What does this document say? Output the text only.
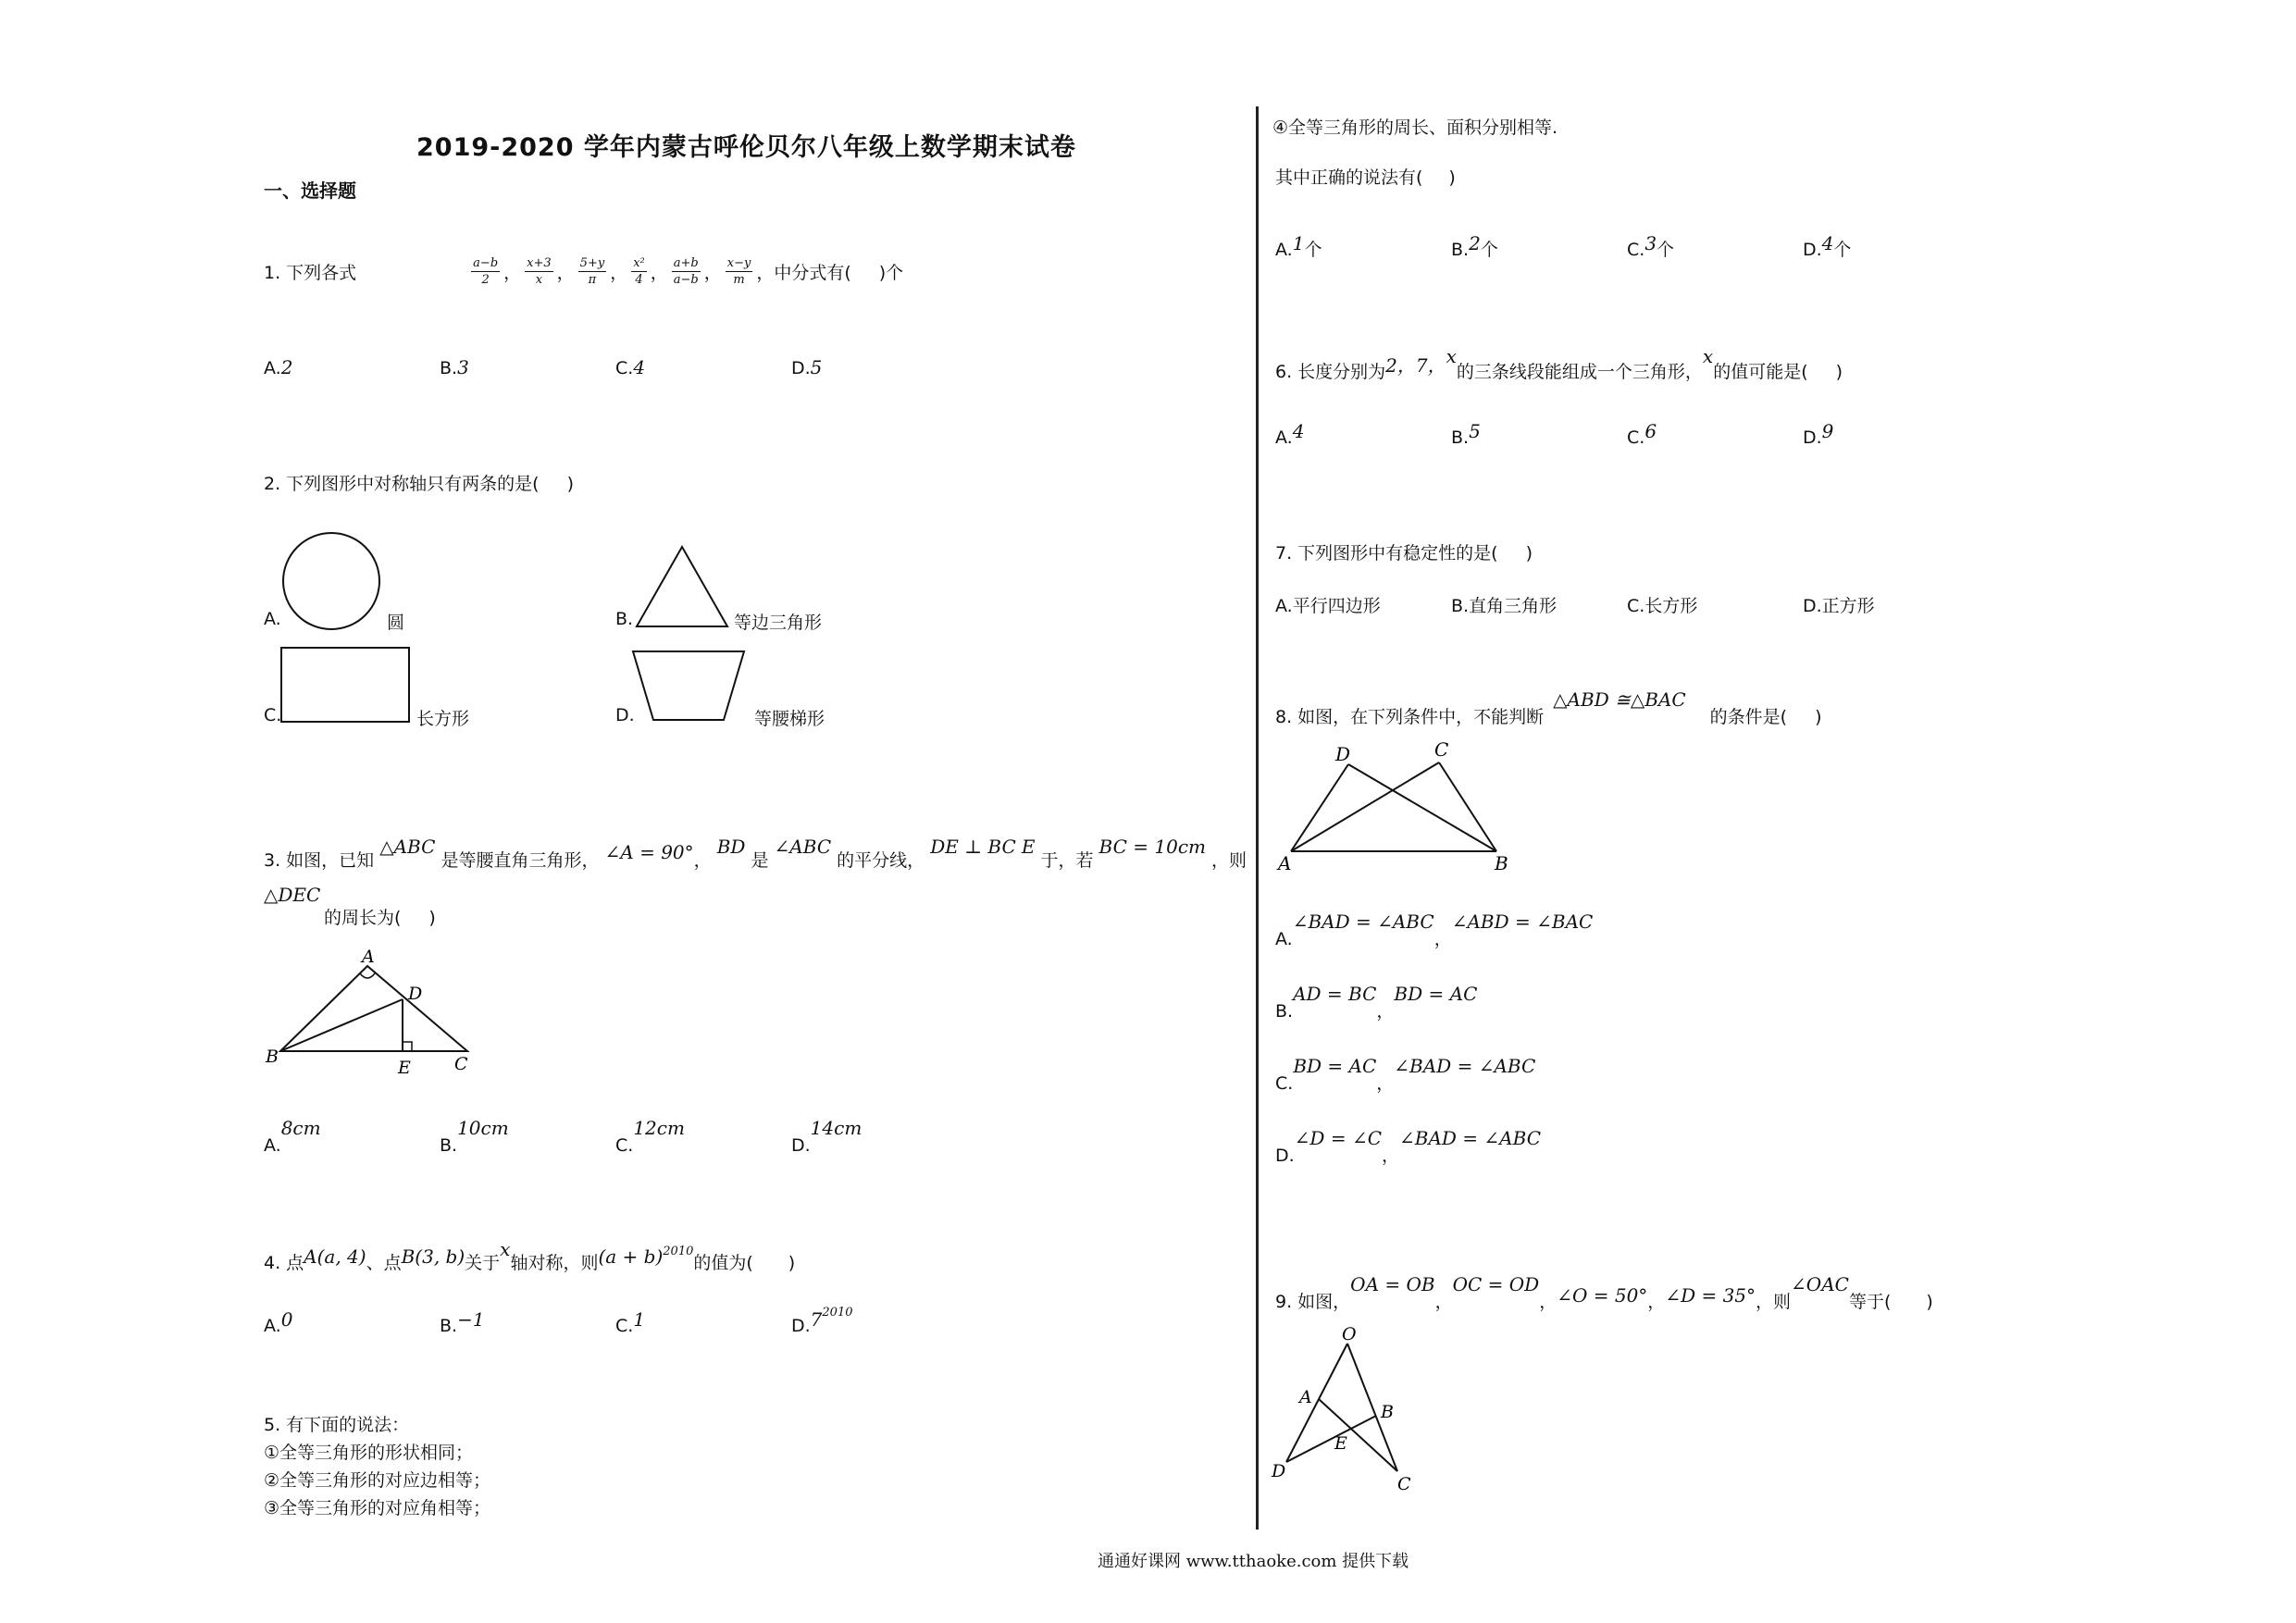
2019-2020 学年内蒙古呼伦贝尔八年级上数学期末试卷
一、选择题
1. 下列各式	$\frac{a-b}{2}$ ， $\frac{x+3}{x}$ ， $\frac{5+y}{\pi}$ ， $\frac{\text{x²}}{4}$ ， $\frac{a+b}{a-b}$ ， $\frac{x-y}{m}$ ， 中分式有( )个
A.2	B.3	C.4	D.5
2. 下列图形中对称轴只有两条的是( )
A.	圆	B.	等边三角形
C.	长方形	D.	等腰梯形
3. 如图，已知 △ABC 是等腰直角三角形， ∠A = 90°， BD 是 ∠ABC 的平分线， DE ⊥ BC E 于，若 BC = 10cm ，则
△DEC
的周长为( )
A
B	C
D
E
A.8cm
B.10cm
C.12cm
D.14cm
4. 点A(a, 4)、点B(3, b)关于x轴对称，则$(a + b)^{2010}$的值为(　　)
A.0	B.−1	C.1	$D.7^{2010}$
5. 有下面的说法：
①全等三角形的形状相同；
②全等三角形的对应边相等；
③全等三角形的对应角相等；
④全等三角形的周长、面积分别相等.
其中正确的说法有( )
A.1个	B.2个	C.3个	D.4个
6. 长度分别为2，7，x的三条线段能组成一个三角形，x的值可能是( )
A.4	B.5	C.6	D.9
7. 下列图形中有稳定性的是( )
A.平行四边形	B.直角三角形	C.长方形	D.正方形
8. 如图，在下列条件中，不能判断△ABD ≅△BAC的条件是( )
A	B
C
D
A.∠BAD = ∠ABC，∠ABD = ∠BAC
B.AD = BC，BD = AC
C.BD = AC，∠BAD = ∠ABC
D.∠D = ∠C，∠BAD = ∠ABC
9. 如图，OA = OB，OC = OD，∠O = 50°，∠D = 35°，则∠OAC等于(　　)
O
A
B
C
D
E
通通好课网 www.tthaoke.com 提供下载
